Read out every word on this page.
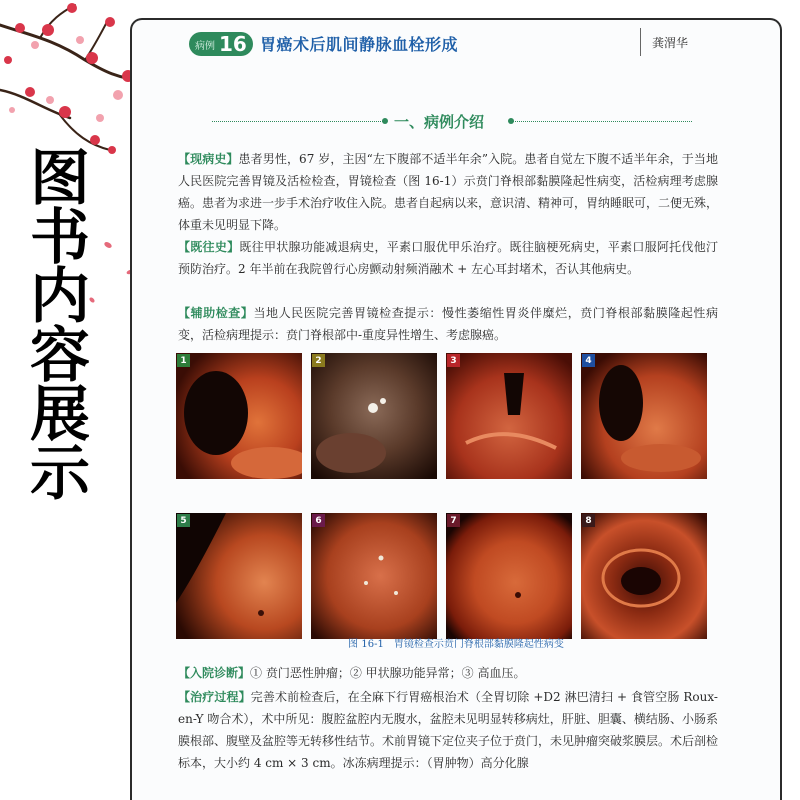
图
书
内
容
展
示
病例 16 胃癌术后肌间静脉血栓形成	龚渭华
一、病例介绍

【现病史】患者男性，67 岁，主因“左下腹部不适半年余”入院。患者自觉左下腹不适半年余，于当地人民医院完善胃镜及活检检查，胃镜检查（图 16-1）示贲门脊根部黏膜隆起性病变，活检病理考虑腺癌。患者为求进一步手术治疗收住入院。患者自起病以来，意识清、精神可，胃纳睡眠可，二便无殊，体重未见明显下降。

【既往史】既往甲状腺功能减退病史，平素口服优甲乐治疗。既往脑梗死病史，平素口服阿托伐他汀预防治疗。2 年半前在我院曾行心房颤动射频消融术 + 左心耳封堵术，否认其他病史。

【辅助检查】当地人民医院完善胃镜检查提示：慢性萎缩性胃炎伴糜烂，贲门脊根部黏膜隆起性病变，活检病理提示：贲门脊根部中-重度异性增生、考虑腺癌。

1	2	3	4
5	6	7	8
图 16-1　胃镜检查示贲门脊根部黏膜隆起性病变

【入院诊断】① 贲门恶性肿瘤；② 甲状腺功能异常；③ 高血压。

【治疗过程】完善术前检查后，在全麻下行胃癌根治术（全胃切除 +D2 淋巴清扫 + 食管空肠 Roux-en-Y 吻合术），术中所见：腹腔盆腔内无腹水，盆腔未见明显转移病灶，肝脏、胆囊、横结肠、小肠系膜根部、腹壁及盆腔等无转移性结节。术前胃镜下定位夹子位于贲门，未见肿瘤突破浆膜层。术后剖检标本，大小约 4 cm × 3 cm。冰冻病理提示：（胃肿物）高分化腺
